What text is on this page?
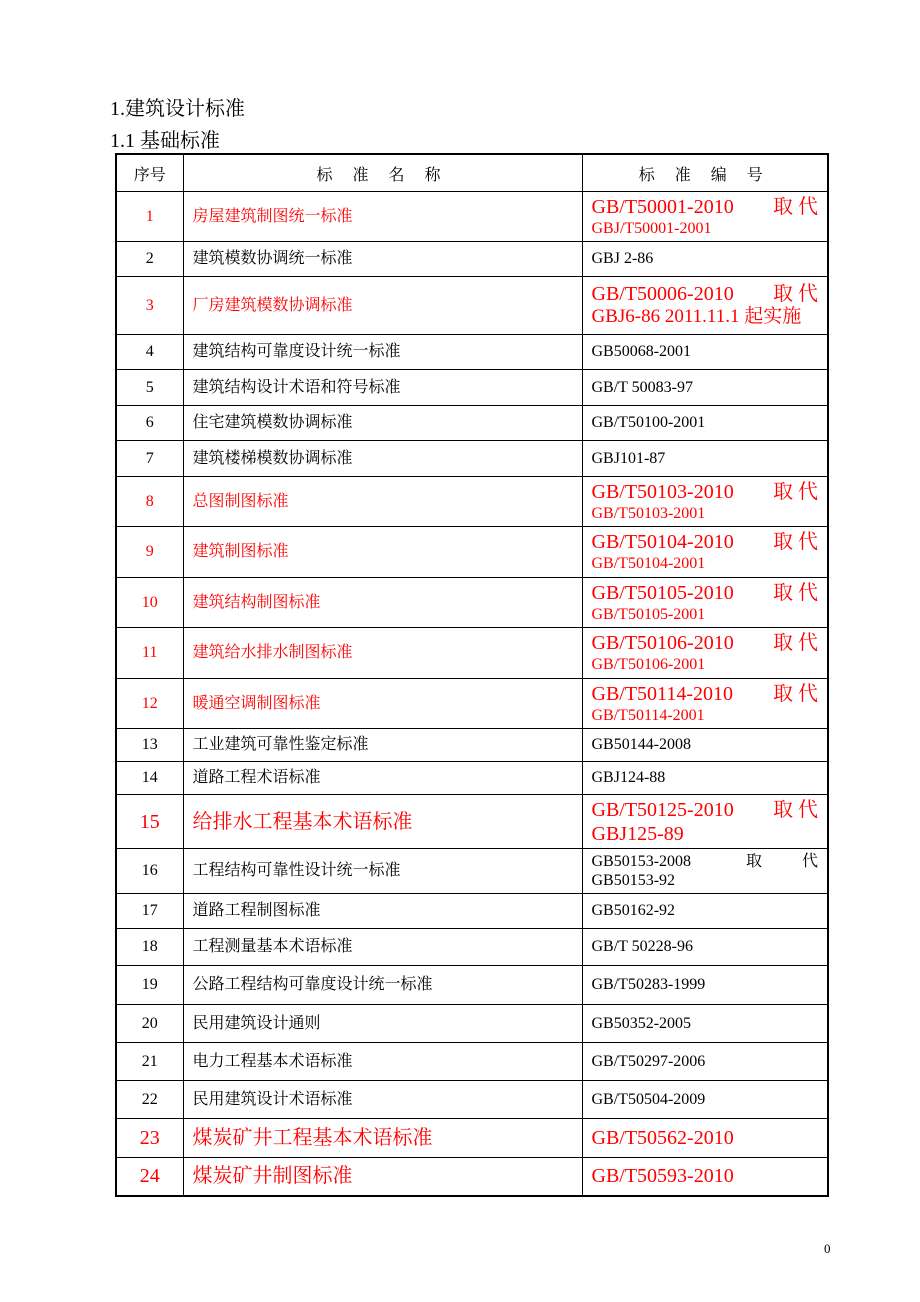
1.建筑设计标准
1.1 基础标准
序号	标 准 名 称	标 准 编 号
1	房屋建筑制图统一标准	GB/T50001-2010 取 代
GBJ/T50001-2001

2	建筑模数协调统一标准	GBJ 2-86
3	厂房建筑模数协调标准	GB/T50006-2010 取 代
GBJ6-86 2011.11.1 起实施

4	建筑结构可靠度设计统一标准	GB50068-2001
5	建筑结构设计术语和符号标准	GB/T 50083-97
6	住宅建筑模数协调标准	GB/T50100-2001
7	建筑楼梯模数协调标准	GBJ101-87
8	总图制图标准	GB/T50103-2010 取 代
GB/T50103-2001

9	建筑制图标准	GB/T50104-2010 取 代
GB/T50104-2001

10	建筑结构制图标准	GB/T50105-2010 取 代
GB/T50105-2001

11	建筑给水排水制图标准	GB/T50106-2010 取 代
GB/T50106-2001

12	暖通空调制图标准	GB/T50114-2010 取 代
GB/T50114-2001

13	工业建筑可靠性鉴定标准	GB50144-2008
14	道路工程术语标准	GBJ124-88
15	给排水工程基本术语标准	GB/T50125-2010 取 代
GBJ125-89

16	工程结构可靠性设计统一标准	GB50153-2008 取          代
GB50153-92

17	道路工程制图标准	GB50162-92
18	工程测量基本术语标准	GB/T 50228-96
19	公路工程结构可靠度设计统一标准	GB/T50283-1999
20	民用建筑设计通则	GB50352-2005
21	电力工程基本术语标准	GB/T50297-2006
22	民用建筑设计术语标准	GB/T50504-2009
23	煤炭矿井工程基本术语标准	GB/T50562-2010
24	煤炭矿井制图标准	GB/T50593-2010
0
